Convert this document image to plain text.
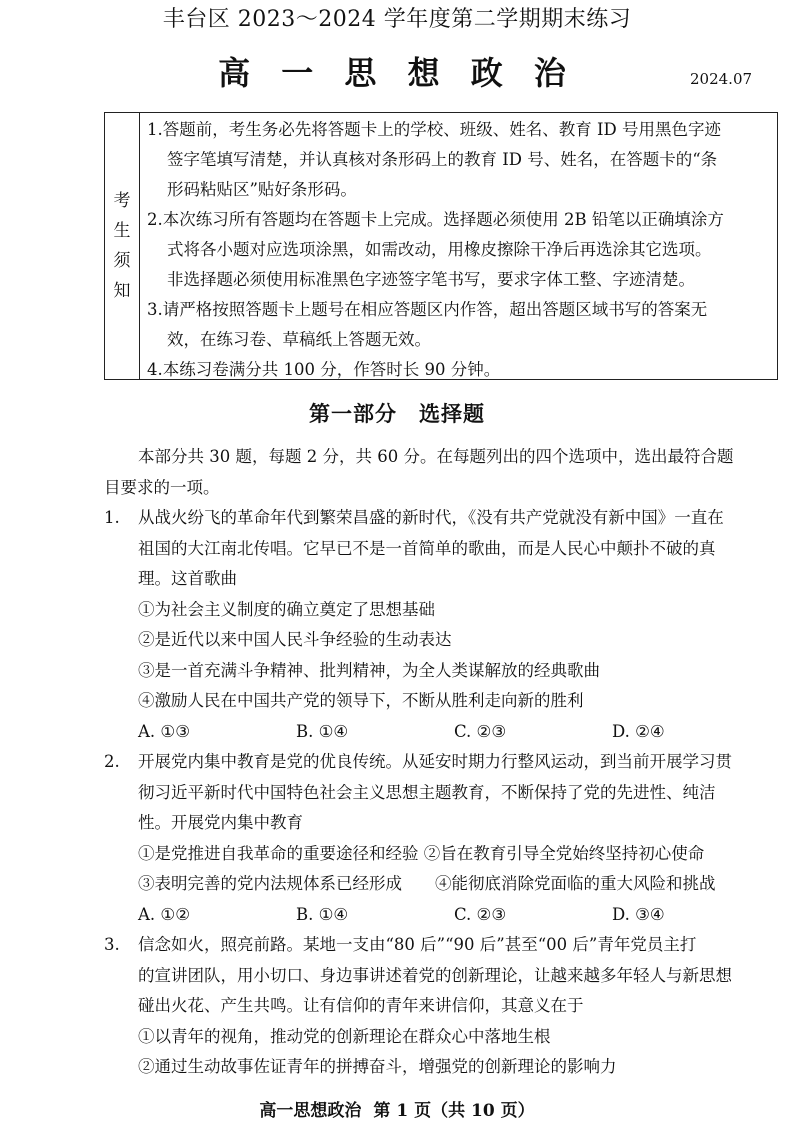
丰台区 2023～2024 学年度第二学期期末练习
高 一 思 想 政 治	2024.07
考
生
须
知

1.答题前，考生务必先将答题卡上的学校、班级、姓名、教育 ID 号用黑色字迹

签字笔填写清楚，并认真核对条形码上的教育 ID 号、姓名，在答题卡的“条

形码粘贴区”贴好条形码。

2.本次练习所有答题均在答题卡上完成。选择题必须使用 2B 铅笔以正确填涂方

式将各小题对应选项涂黑，如需改动，用橡皮擦除干净后再选涂其它选项。

非选择题必须使用标准黑色字迹签字笔书写，要求字体工整、字迹清楚。

3.请严格按照答题卡上题号在相应答题区内作答，超出答题区域书写的答案无

效，在练习卷、草稿纸上答题无效。

4.本练习卷满分共 100 分，作答时长 90 分钟。

第一部分 选择题

本部分共 30 题，每题 2 分，共 60 分。在每题列出的四个选项中，选出最符合题
目要求的一项。

1. 从战火纷飞的革命年代到繁荣昌盛的新时代，《没有共产党就没有新中国》一直在
祖国的大江南北传唱。它早已不是一首简单的歌曲，而是人民心中颠扑不破的真
理。这首歌曲

①为社会主义制度的确立奠定了思想基础

②是近代以来中国人民斗争经验的生动表达

③是一首充满斗争精神、批判精神，为全人类谋解放的经典歌曲

④激励人民在中国共产党的领导下，不断从胜利走向新的胜利

A. ①③	B. ①④	C. ②③	D. ②④

2. 开展党内集中教育是党的优良传统。从延安时期力行整风运动，到当前开展学习贯
彻习近平新时代中国特色社会主义思想主题教育，不断保持了党的先进性、纯洁
性。开展党内集中教育

①是党推进自我革命的重要途径和经验 ②旨在教育引导全党始终坚持初心使命

③表明完善的党内法规体系已经形成　　④能彻底消除党面临的重大风险和挑战

A. ①②	B. ①④	C. ②③	D. ③④

3. 信念如火，照亮前路。某地一支由“80 后”“90 后”甚至“00 后”青年党员主打
的宣讲团队，用小切口、身边事讲述着党的创新理论，让越来越多年轻人与新思想
碰出火花、产生共鸣。让有信仰的青年来讲信仰，其意义在于

①以青年的视角，推动党的创新理论在群众心中落地生根

②通过生动故事佐证青年的拼搏奋斗，增强党的创新理论的影响力

高一思想政治 第 1 页（共 10 页）
